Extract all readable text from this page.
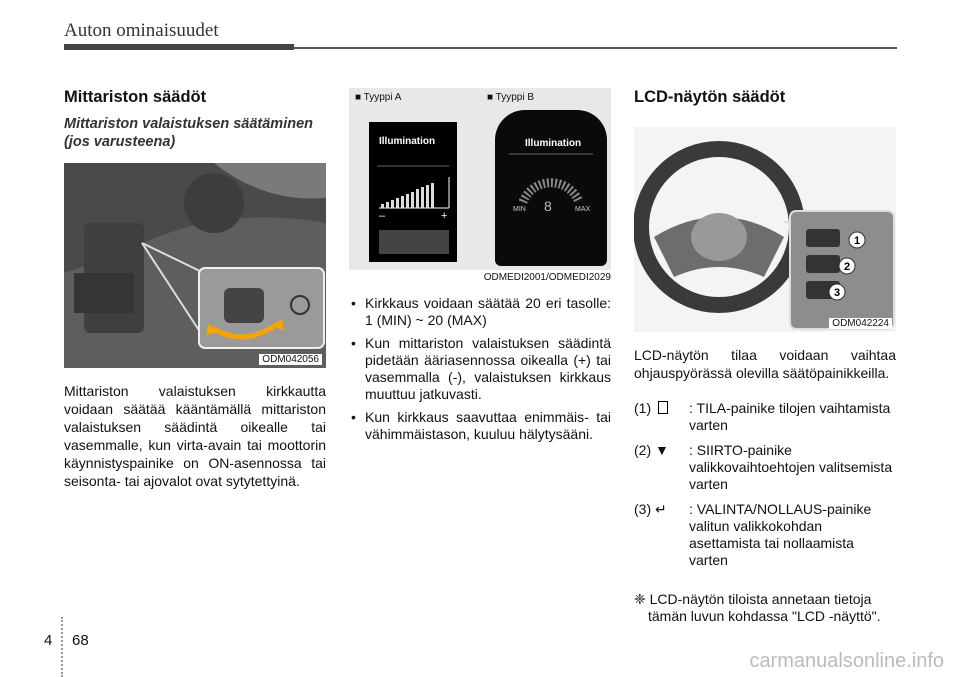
Auton ominaisuudet
Mittariston säädöt
Mittariston valaistuksen säätäminen (jos varusteena)
ODM042056
Mittariston valaistuksen kirkkautta voidaan säätää kääntämällä mittariston valaistuksen säädintä oikealle tai vasemmalle, kun virta-avain tai moottorin käynnistyspainike on ON-asennossa tai seisonta- tai ajovalot ovat sytytettyinä.
■ Tyyppi A	■ Tyyppi B
Illumination
–	+
Illumination
MIN 8	MAX
ODMEDI2001/ODMEDI2029
• Kirkkaus voidaan säätää 20 eri tasolle: 1 (MIN) ~ 20 (MAX)
• Kun mittariston valaistuksen säädintä pidetään ääriasennossa oikealla (+) tai vasemmalla (-), valaistuksen kirkkaus muuttuu jatkuvasti.
• Kun kirkkaus saavuttaa enimmäis- tai vähimmäistason, kuuluu hälytysääni.
LCD-näytön säädöt
1
2
3
ODM042224
LCD-näytön tilaa voidaan vaihtaa ohjauspyörässä olevilla säätöpainikkeilla.
(1)	: TILA-painike tilojen vaihtamista varten
(2) ▼	: SIIRTO-painike valikkovaihtoehtojen valitsemista varten
(3) ↵	: VALINTA/NOLLAUS-painike valitun valikkokohdan asettamista tai nollaamista varten
❈ LCD-näytön tiloista annetaan tietoja tämän luvun kohdassa "LCD -näyttö".
4 68
carmanualsonline.info
